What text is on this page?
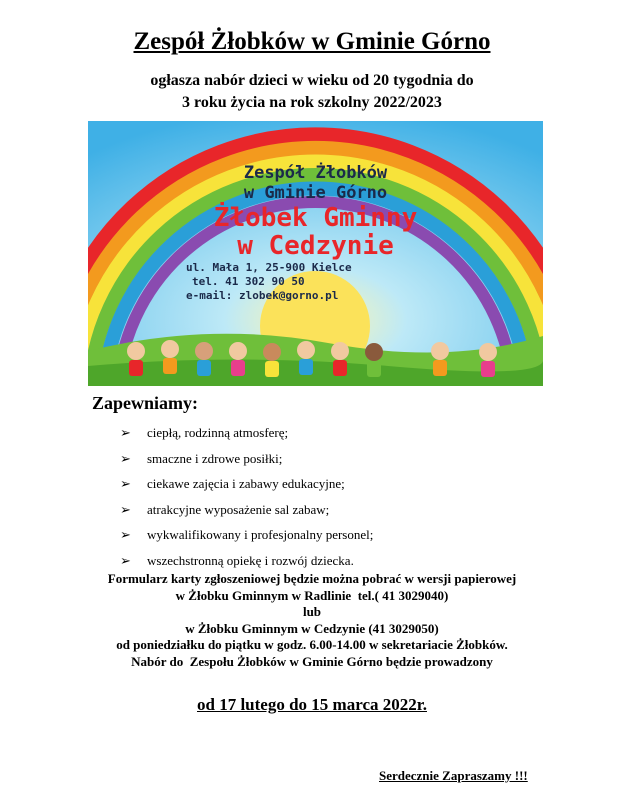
Zespół Żłobków w Gminie Górno
ogłasza nabór dzieci w wieku od 20 tygodnia do
3 roku życia na rok szkolny 2022/2023
Zespół Żłobków
w Gminie Górno
Żłobek Gminny
w Cedzynie
ul. Mała 1, 25-900 Kielce
tel. 41 302 90 50
e-mail: zlobek@gorno.pl
Zapewniamy:
➢ ciepłą, rodzinną atmosferę;
➢ smaczne i zdrowe posiłki;
➢ ciekawe zajęcia i zabawy edukacyjne;
➢ atrakcyjne wyposażenie sal zabaw;
➢ wykwalifikowany i profesjonalny personel;
➢ wszechstronną opiekę i rozwój dziecka.
Formularz karty zgłoszeniowej będzie można pobrać w wersji papierowej
w Żłobku Gminnym w Radlinie  tel.( 41 3029040)
lub
w Żłobku Gminnym w Cedzynie (41 3029050)
od poniedziałku do piątku w godz. 6.00-14.00 w sekretariacie Żłobków.
Nabór do  Zespołu Żłobków w Gminie Górno będzie prowadzony
od 17 lutego do 15 marca 2022r.
Serdecznie Zapraszamy !!!
